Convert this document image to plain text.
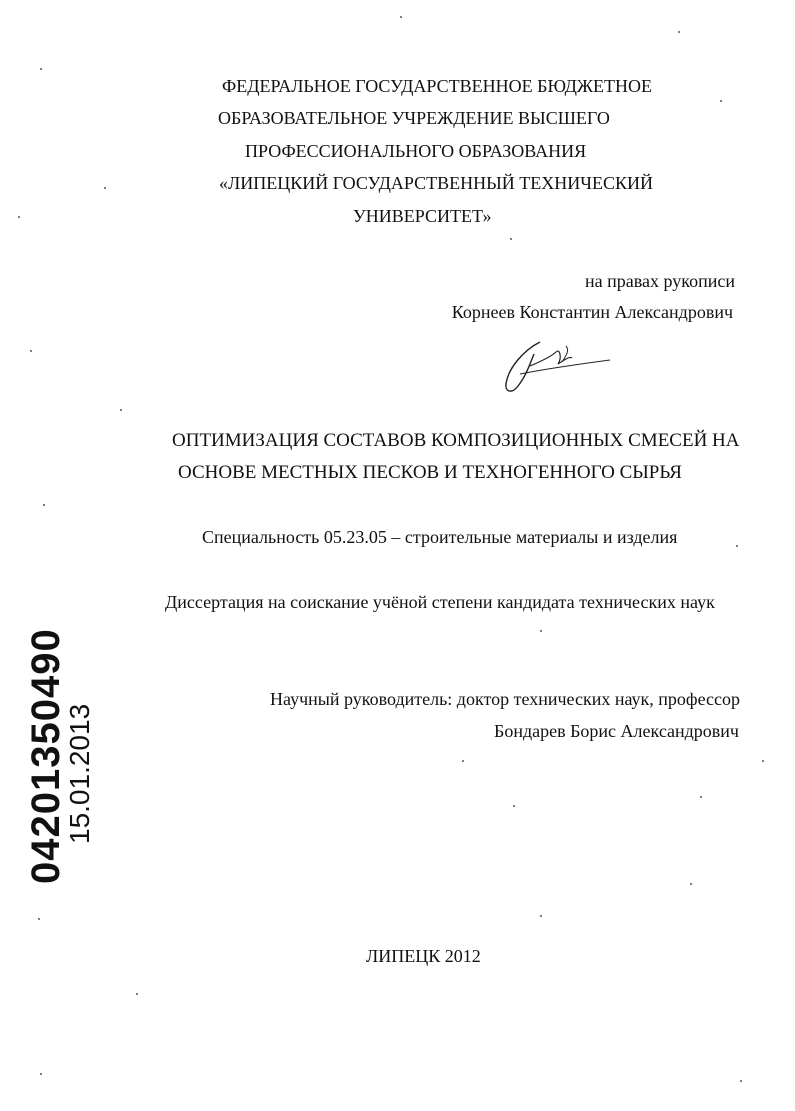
ФЕДЕРАЛЬНОЕ ГОСУДАРСТВЕННОЕ БЮДЖЕТНОЕ
ОБРАЗОВАТЕЛЬНОЕ УЧРЕЖДЕНИЕ ВЫСШЕГО
ПРОФЕССИОНАЛЬНОГО ОБРАЗОВАНИЯ
«ЛИПЕЦКИЙ ГОСУДАРСТВЕННЫЙ ТЕХНИЧЕСКИЙ
УНИВЕРСИТЕТ»
на правах рукописи
Корнеев Константин Александрович
ОПТИМИЗАЦИЯ СОСТАВОВ КОМПОЗИЦИОННЫХ СМЕСЕЙ НА
ОСНОВЕ МЕСТНЫХ ПЕСКОВ И ТЕХНОГЕННОГО СЫРЬЯ
Специальность 05.23.05 – строительные материалы и изделия
Диссертация на соискание учёной степени кандидата технических наук
Научный руководитель: доктор технических наук, профессор
Бондарев Борис Александрович
ЛИПЕЦК 2012
04201350490
15.01.2013
